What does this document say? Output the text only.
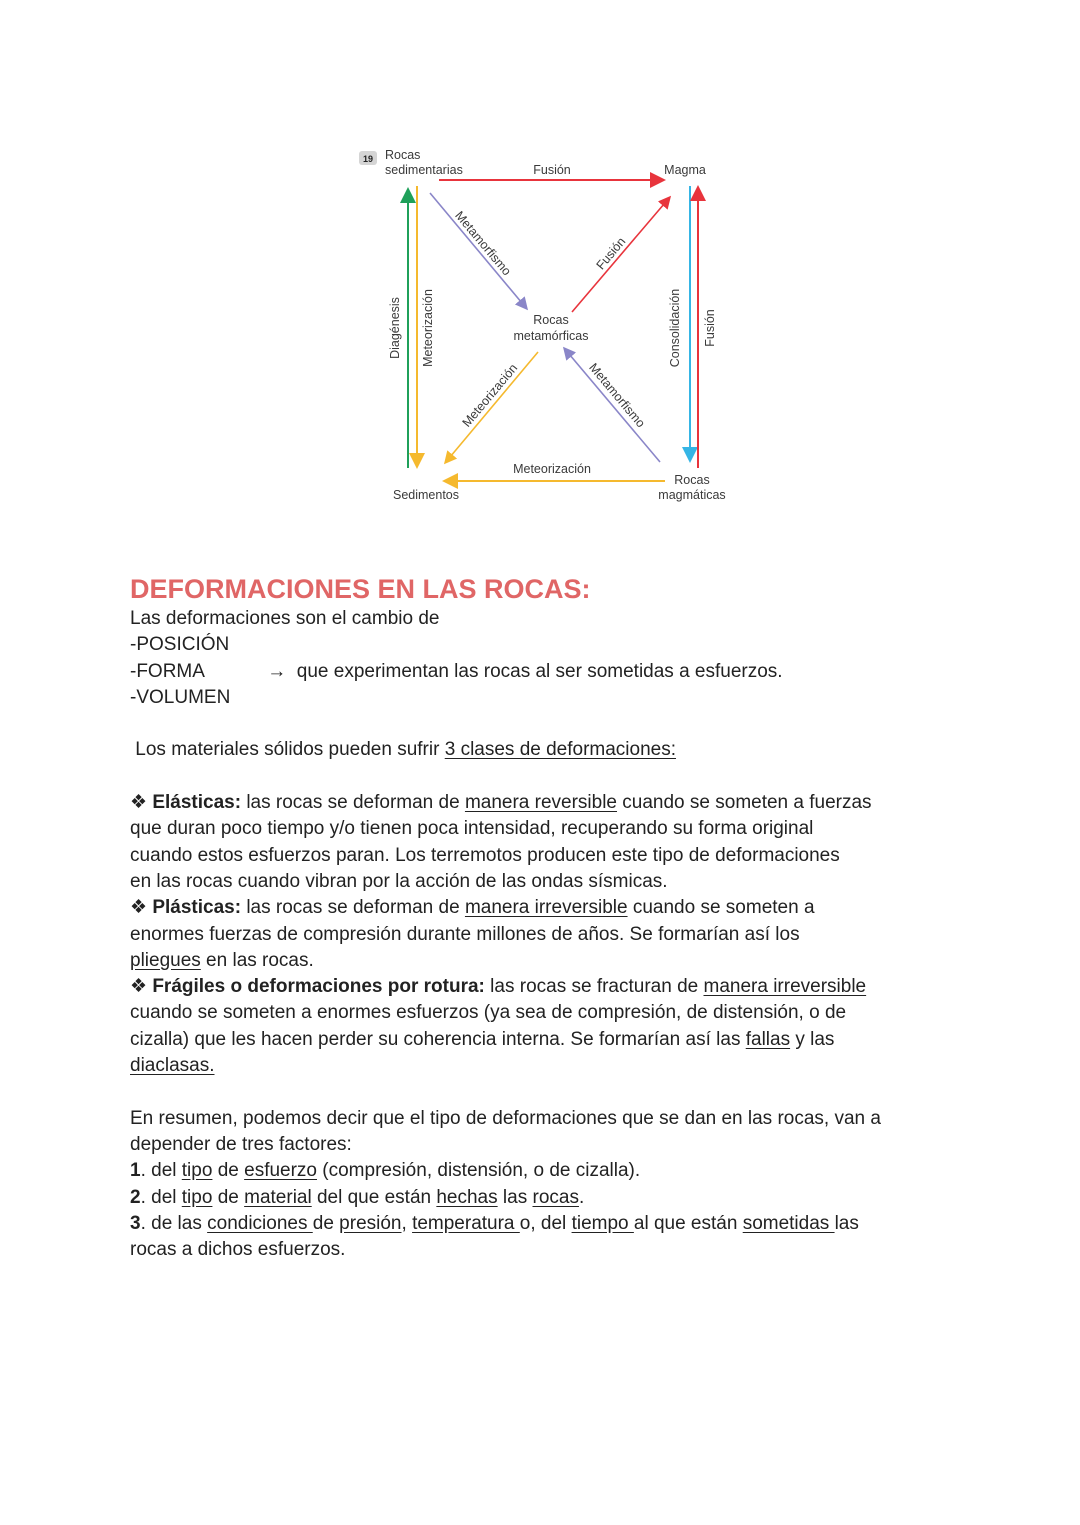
19 Rocas
sedimentarias	Magma
Rocas
metamórficas
Sedimentos
Rocas
magmáticas
Fusión
Meteorización
Diagénesis Meteorización	Consolidación Fusión
Metamorfismo	Fusión
Meteorización	Metamorfismo
DEFORMACIONES EN LAS ROCAS:
Las deformaciones son el cambio de
-POSICIÓN
-FORMA            →  que experimentan las rocas al ser sometidas a esfuerzos.
-VOLUMEN
Los materiales sólidos pueden sufrir 3 clases de deformaciones:
❖ Elásticas: las rocas se deforman de manera reversible cuando se someten a fuerzas
que duran poco tiempo y/o tienen poca intensidad, recuperando su forma original
cuando estos esfuerzos paran. Los terremotos producen este tipo de deformaciones
en las rocas cuando vibran por la acción de las ondas sísmicas.
❖ Plásticas: las rocas se deforman de manera irreversible cuando se someten a
enormes fuerzas de compresión durante millones de años. Se formarían así los
pliegues en las rocas.
❖ Frágiles o deformaciones por rotura: las rocas se fracturan de manera irreversible
cuando se someten a enormes esfuerzos (ya sea de compresión, de distensión, o de
cizalla) que les hacen perder su coherencia interna. Se formarían así las fallas y las
diaclasas.
En resumen, podemos decir que el tipo de deformaciones que se dan en las rocas, van a
depender de tres factores:
1. del tipo de esfuerzo (compresión, distensión, o de cizalla).
2. del tipo de material del que están hechas las rocas.
3. de las condiciones de presión, temperatura o, del tiempo al que están sometidas las
rocas a dichos esfuerzos.
